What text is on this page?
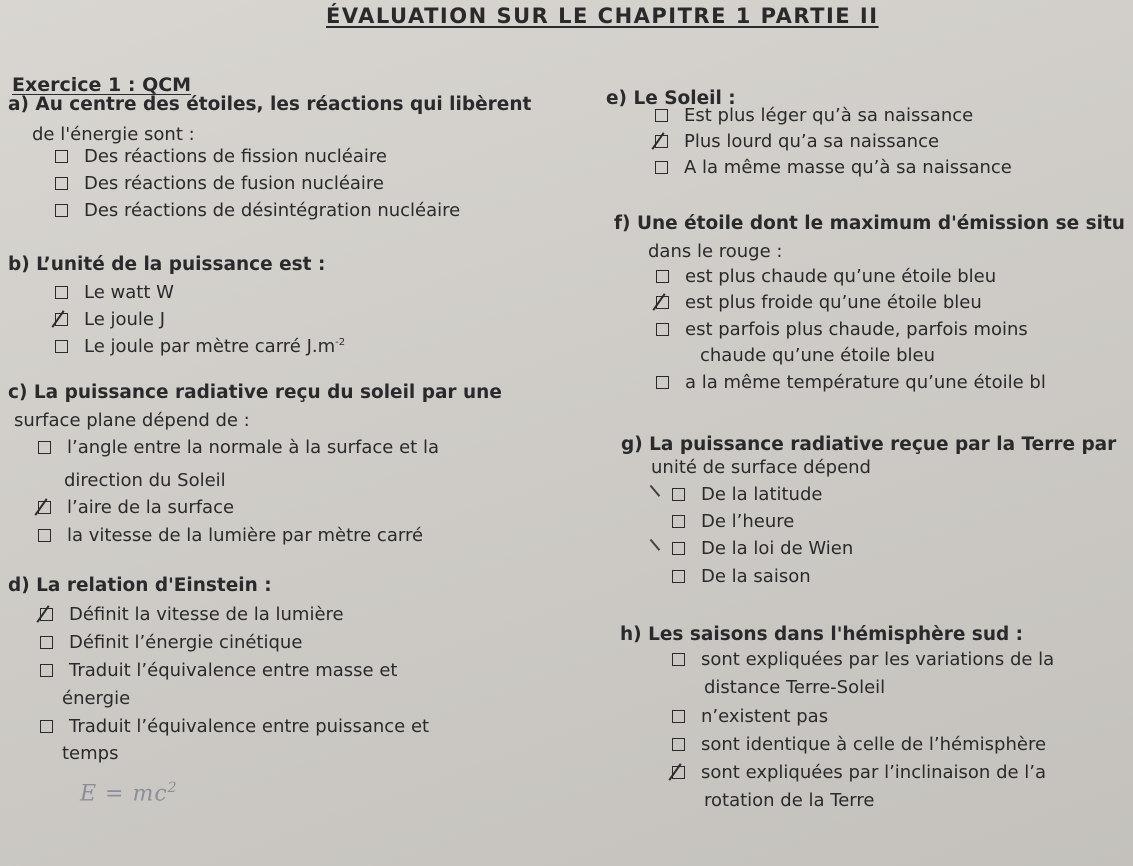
ÉVALUATION SUR LE CHAPITRE 1 PARTIE II
Exercice 1 : QCM
a) Au centre des étoiles, les réactions qui libèrent
de l'énergie sont :
Des réactions de fission nucléaire
Des réactions de fusion nucléaire
Des réactions de désintégration nucléaire
b) L’unité de la puissance est :
Le watt W
Le joule J
Le joule par mètre carré $J.m^{-2}$
c) La puissance radiative reçu du soleil par une
surface plane dépend de :
l’angle entre la normale à la surface et la
direction du Soleil
l’aire de la surface
la vitesse de la lumière par mètre carré
d) La relation d'Einstein :
Définit la vitesse de la lumière
Définit l’énergie cinétique
Traduit l’équivalence entre masse et
énergie
Traduit l’équivalence entre puissance et
temps
$E = mc^2$
e) Le Soleil :
Est plus léger qu’à sa naissance
Plus lourd qu’a sa naissance
A la même masse qu’à sa naissance
f) Une étoile dont le maximum d'émission se situ
dans le rouge :
est plus chaude qu’une étoile bleu
est plus froide qu’une étoile bleu
est parfois plus chaude, parfois moins
chaude qu’une étoile bleu
a la même température qu’une étoile bl
g) La puissance radiative reçue par la Terre par
unité de surface dépend
De la latitude
De l’heure
De la loi de Wien
De la saison
h) Les saisons dans l'hémisphère sud :
sont expliquées par les variations de la
distance Terre-Soleil
n’existent pas
sont identique à celle de l’hémisphère
sont expliquées par l’inclinaison de l’a
rotation de la Terre
